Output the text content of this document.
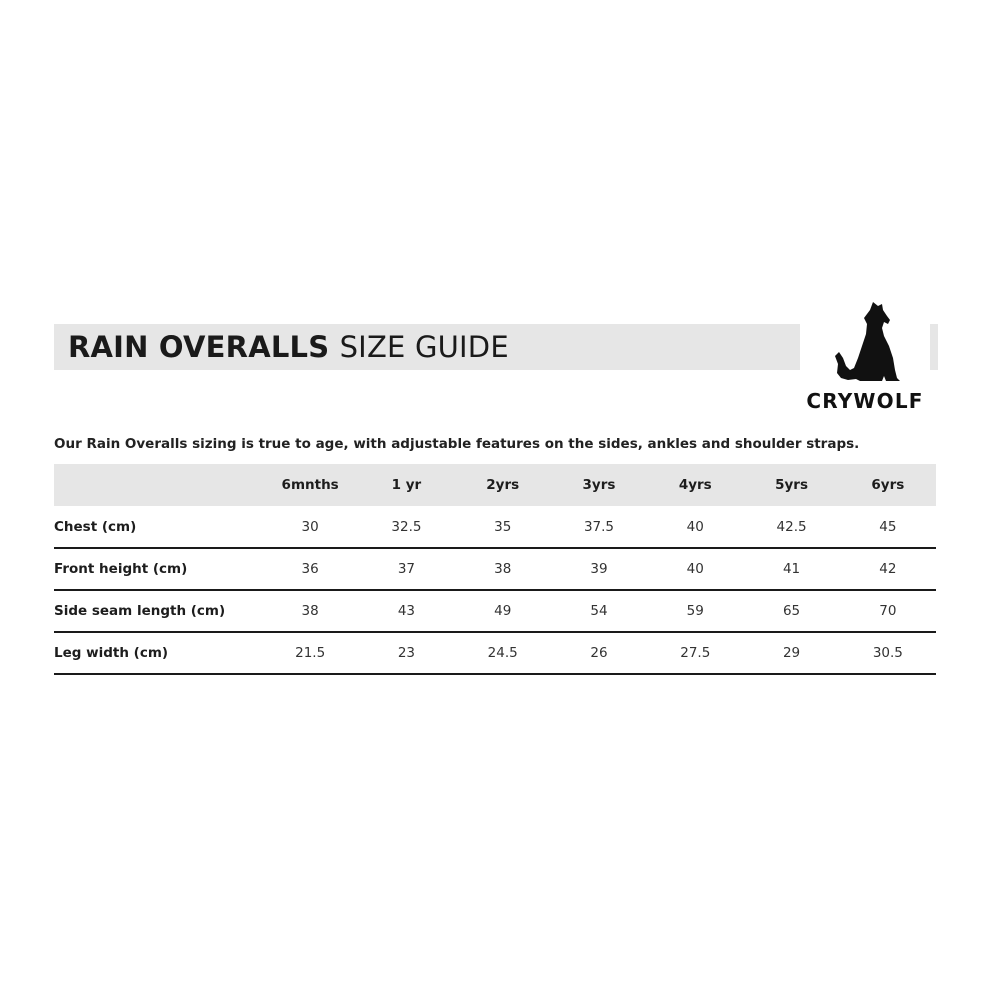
RAIN OVERALLS SIZE GUIDE
CRYWOLF

Our Rain Overalls sizing is true to age, with adjustable features on the sides, ankles and shoulder straps.

	6mnths	1 yr	2yrs	3yrs	4yrs	5yrs	6yrs
Chest (cm)	30	32.5	35	37.5	40	42.5	45
Front height (cm)	36	37	38	39	40	41	42
Side seam length (cm)	38	43	49	54	59	65	70
Leg width (cm)	21.5	23	24.5	26	27.5	29	30.5
